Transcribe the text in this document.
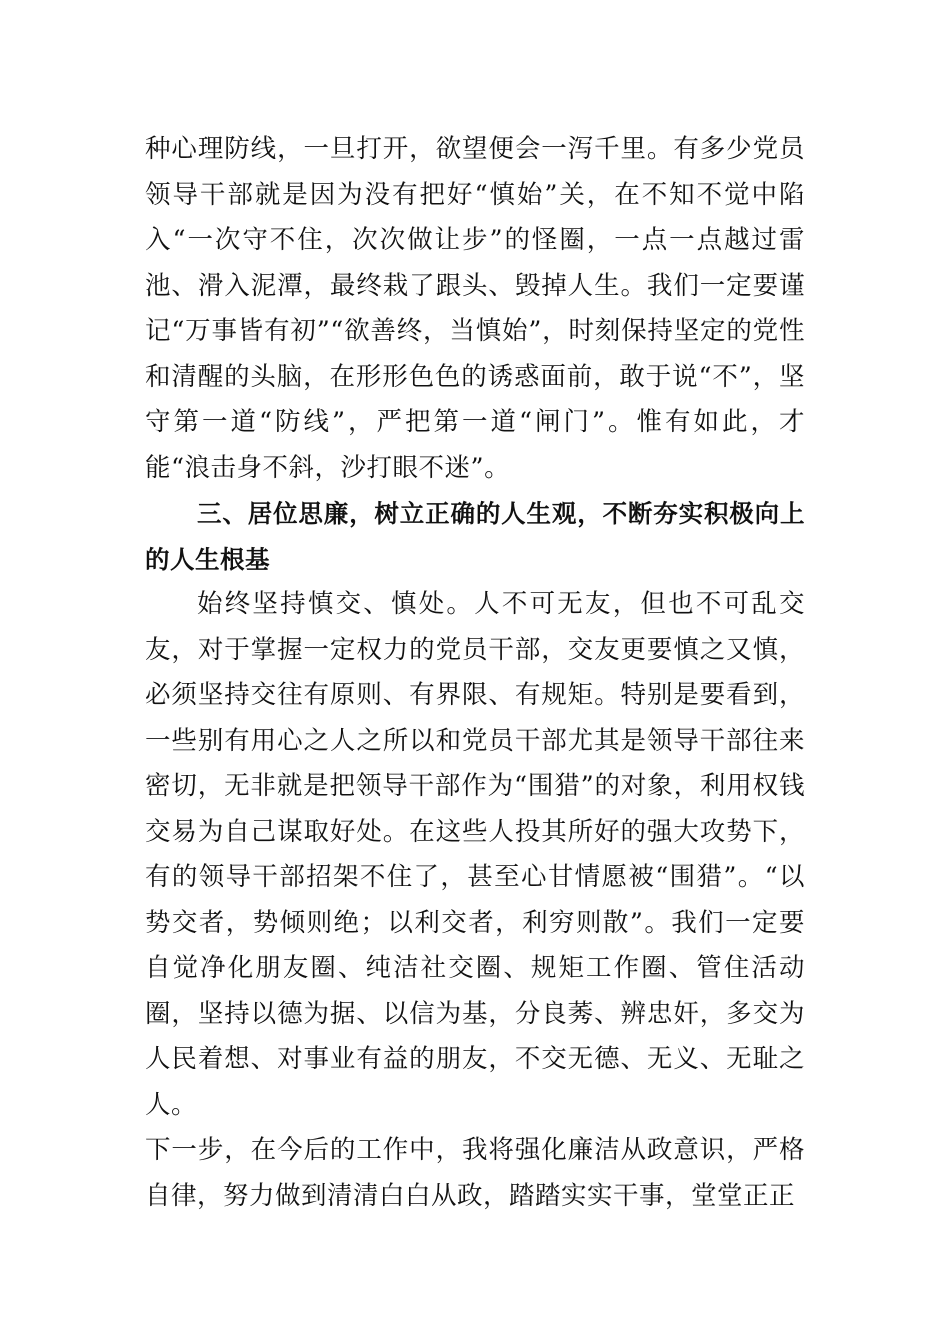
种心理防线，一旦打开，欲望便会一泻千里。有多少党员领导干部就是因为没有把好“慎始”关，在不知不觉中陷入“一次守不住，次次做让步”的怪圈，一点一点越过雷池、滑入泥潭，最终栽了跟头、毁掉人生。我们一定要谨记“万事皆有初”“欲善终，当慎始”，时刻保持坚定的党性和清醒的头脑，在形形色色的诱惑面前，敢于说“不”，坚守第一道“防线”，严把第一道“闸门”。惟有如此，才能“浪击身不斜，沙打眼不迷”。

三、居位思廉，树立正确的人生观，不断夯实积极向上的人生根基

始终坚持慎交、慎处。人不可无友，但也不可乱交友，对于掌握一定权力的党员干部，交友更要慎之又慎，必须坚持交往有原则、有界限、有规矩。特别是要看到，一些别有用心之人之所以和党员干部尤其是领导干部往来密切，无非就是把领导干部作为“围猎”的对象，利用权钱交易为自己谋取好处。在这些人投其所好的强大攻势下，有的领导干部招架不住了，甚至心甘情愿被“围猎”。“以势交者，势倾则绝；以利交者，利穷则散”。我们一定要自觉净化朋友圈、纯洁社交圈、规矩工作圈、管住活动圈，坚持以德为据、以信为基，分良莠、辨忠奸，多交为人民着想、对事业有益的朋友，不交无德、无义、无耻之人。

下一步，在今后的工作中，我将强化廉洁从政意识，严格自律，努力做到清清白白从政，踏踏实实干事，堂堂正正
